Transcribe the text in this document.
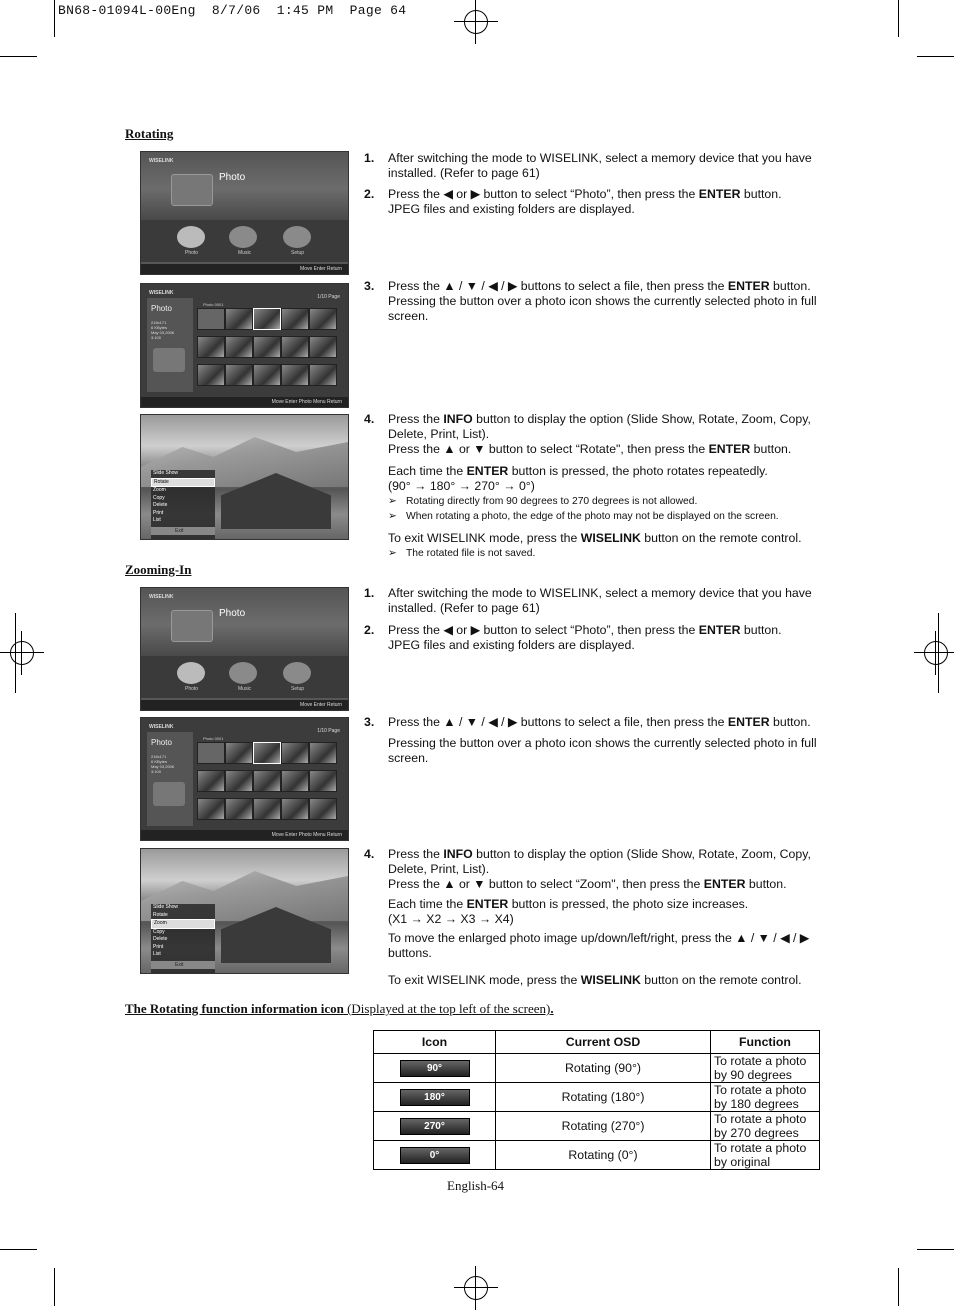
BN68-01094L-00Eng  8/7/06  1:45 PM  Page 64
Rotating
WISELINK
Photo
Photo	Music	Setup
Move Enter Return
WISELINK
1/10 Page
Photo
216x171
6 KBytes
May 03,2006
3:100
Photo 0001
Move Enter Photo Menu Return
Slide Show
Rotate
Zoom
Copy
Delete
Print
List
Exit
1. After switching the mode to WISELINK, select a memory device that you have installed. (Refer to page 61)

2. Press the ◀ or ▶ button to select “Photo”, then press the ENTER button.

JPEG files and existing folders are displayed.

3. Press the ▲ / ▼ / ◀ / ▶ buttons to select a file, then press the ENTER button.

Pressing the button over a photo icon shows the currently selected photo in full screen.

4. Press the INFO button to display the option (Slide Show, Rotate, Zoom, Copy, Delete, Print, List).

Press the ▲ or ▼ button to select “Rotate", then press the ENTER button.

Each time the ENTER button is pressed, the photo rotates repeatedly.

(90° → 180° → 270° → 0°)

➢ Rotating directly from 90 degrees to 270 degrees is not allowed.
➢ When rotating a photo, the edge of the photo may not be displayed on the screen.

To exit WISELINK mode, press the WISELINK button on the remote control.

➢ The rotated file is not saved.
Zooming-In
WISELINK
Photo
Photo	Music	Setup
Move Enter Return
WISELINK
1/10 Page
Photo
216x171
6 KBytes
May 03,2006
3:100
Photo 0001
Move Enter Photo Menu Return
Slide Show
Rotate
Zoom
Copy
Delete
Print
List
Exit
1. After switching the mode to WISELINK, select a memory device that you have installed. (Refer to page 61)

2. Press the ◀ or ▶ button to select “Photo”, then press the ENTER button.

JPEG files and existing folders are displayed.

3. Press the ▲ / ▼ / ◀ / ▶ buttons to select a file, then press the ENTER button.

Pressing the button over a photo icon shows the currently selected photo in full screen.

4. Press the INFO button to display the option (Slide Show, Rotate, Zoom, Copy, Delete, Print, List).

Press the ▲ or ▼ button to select “Zoom", then press the ENTER button.

Each time the ENTER button is pressed, the photo size increases.

(X1 → X2 → X3 → X4)

To move the enlarged photo image up/down/left/right, press the ▲ / ▼ / ◀ / ▶ buttons.

To exit WISELINK mode, press the WISELINK button on the remote control.

The Rotating function information icon (Displayed at the top left of the screen).
Icon	Current OSD	Function
90°	Rotating (90°)	To rotate a photo by 90 degrees
180°	Rotating (180°)	To rotate a photo by 180 degrees
270°	Rotating (270°)	To rotate a photo by 270 degrees
0°	Rotating (0°)	To rotate a photo by original
English-64
